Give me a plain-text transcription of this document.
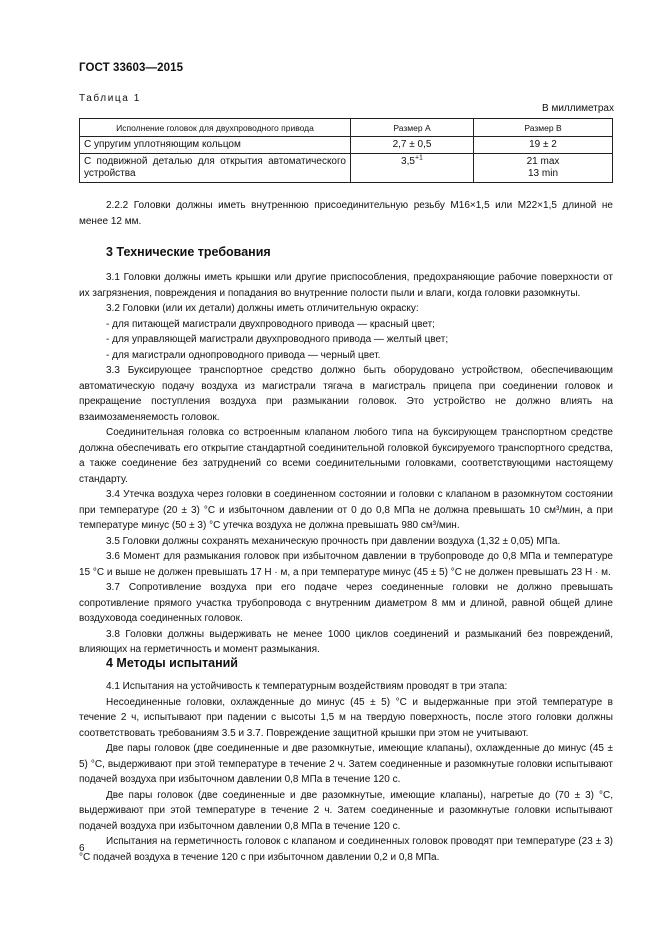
ГОСТ 33603—2015
Таблица 1
В миллиметрах
Исполнение головок для двухпроводного привода	Размер А	Размер В
С упругим уплотняющим кольцом	2,7 ± 0,5	19 ± 2
С подвижной деталью для открытия автоматического устройства	$3,5^{+1}$	21 max
13 min

2.2.2 Головки должны иметь внутреннюю присоединительную резьбу М16×1,5 или М22×1,5 длиной не менее 12 мм.

3 Технические требования

3.1 Головки должны иметь крышки или другие приспособления, предохраняющие рабочие поверхности от их загрязнения, повреждения и попадания во внутренние полости пыли и влаги, когда головки разомкнуты.

3.2 Головки (или их детали) должны иметь отличительную окраску:

- для питающей магистрали двухпроводного привода — красный цвет;

- для управляющей магистрали двухпроводного привода — желтый цвет;

- для магистрали однопроводного привода — черный цвет.

3.3 Буксирующее транспортное средство должно быть оборудовано устройством, обеспечивающим автоматическую подачу воздуха из магистрали тягача в магистраль прицепа при соединении головок и прекращение поступления воздуха при размыкании головок. Это устройство не должно влиять на взаимозаменяемость головок.

Соединительная головка со встроенным клапаном любого типа на буксирующем транспортном средстве должна обеспечивать его открытие стандартной соединительной головкой буксируемого транспортного средства, а также соединение без затруднений со всеми соединительными головками, соответствующими настоящему стандарту.

3.4 Утечка воздуха через головки в соединенном состоянии и головки с клапаном в разомкнутом состоянии при температуре (20 ± 3) °С и избыточном давлении от 0 до 0,8 МПа не должна превышать 10 см³/мин, а при температуре минус (50 ± 3) °С утечка воздуха не должна превышать 980 см³/мин.

3.5 Головки должны сохранять механическую прочность при давлении воздуха (1,32 ± 0,05) МПа.

3.6 Момент для размыкания головок при избыточном давлении в трубопроводе до 0,8 МПа и температуре 15 °С и выше не должен превышать 17 Н · м, а при температуре минус (45 ± 5) °С не должен превышать 23 Н · м.

3.7 Сопротивление воздуха при его подаче через соединенные головки не должно превышать сопротивление прямого участка трубопровода с внутренним диаметром 8 мм и длиной, равной общей длине воздуховода соединенных головок.

3.8 Головки должны выдерживать не менее 1000 циклов соединений и размыканий без повреждений, влияющих на герметичность и момент размыкания.

4 Методы испытаний

4.1 Испытания на устойчивость к температурным воздействиям проводят в три этапа:

Несоединенные головки, охлажденные до минус (45 ± 5) °С и выдержанные при этой температуре в течение 2 ч, испытывают при падении с высоты 1,5 м на твердую поверхность, после этого головки должны соответствовать требованиям 3.5 и 3.7. Повреждение защитной крышки при этом не учитывают.

Две пары головок (две соединенные и две разомкнутые, имеющие клапаны), охлажденные до минус (45 ± 5) °С, выдерживают при этой температуре в течение 2 ч. Затем соединенные и разомкнутые головки испытывают подачей воздуха при избыточном давлении 0,8 МПа в течение 120 с.

Две пары головок (две соединенные и две разомкнутые, имеющие клапаны), нагретые до (70 ± 3) °С, выдерживают при этой температуре в течение 2 ч. Затем соединенные и разомкнутые головки испытывают подачей воздуха при избыточном давлении 0,8 МПа в течение 120 с.

Испытания на герметичность головок с клапаном и соединенных головок проводят при температуре (23 ± 3) °С подачей воздуха в течение 120 с при избыточном давлении 0,2 и 0,8 МПа.

6
